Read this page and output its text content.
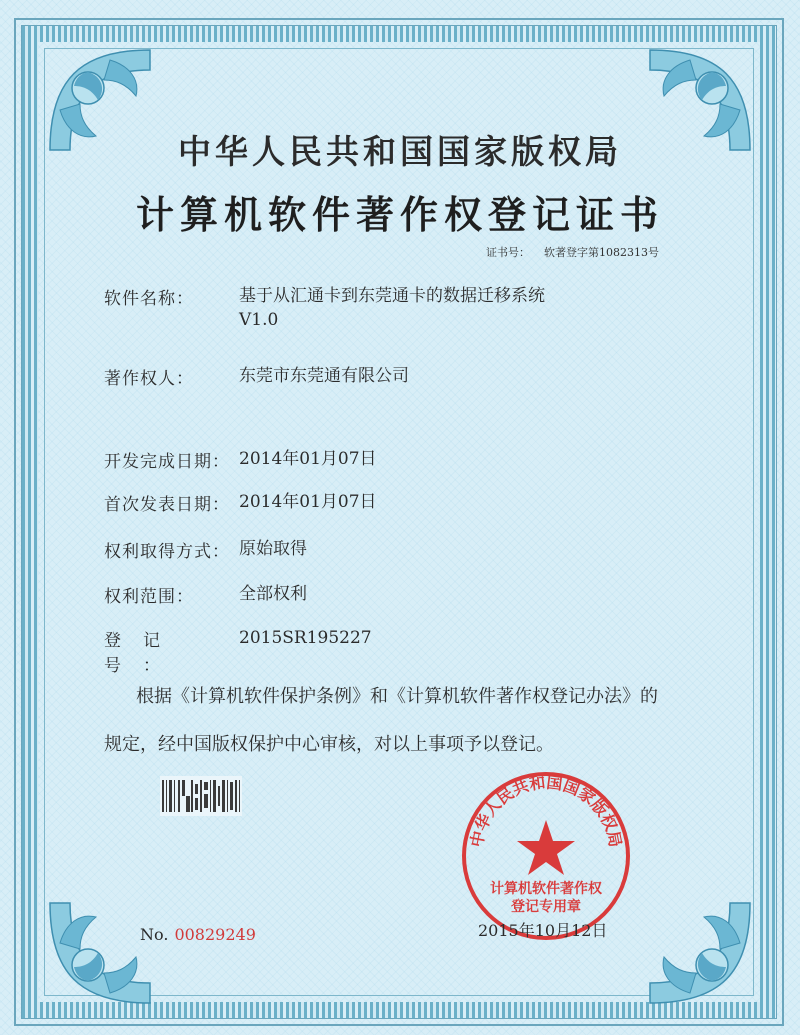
中华人民共和国国家版权局
计算机软件著作权登记证书
证书号： 软著登字第1082313号
软件名称：	基于从汇通卡到东莞通卡的数据迁移系统
V1.0
著作权人：	东莞市东莞通有限公司
开发完成日期： 2014年01月07日
首次发表日期： 2014年01月07日
权利取得方式： 原始取得
权利范围：	全部权利
登记号：
2015SR195227
根据《计算机软件保护条例》和《计算机软件著作权登记办法》的
规定，经中国版权保护中心审核，对以上事项予以登记。
中华人民共和国国家版权局
计算机软件著作权
登记专用章
No. 00829249	2015年10月12日
